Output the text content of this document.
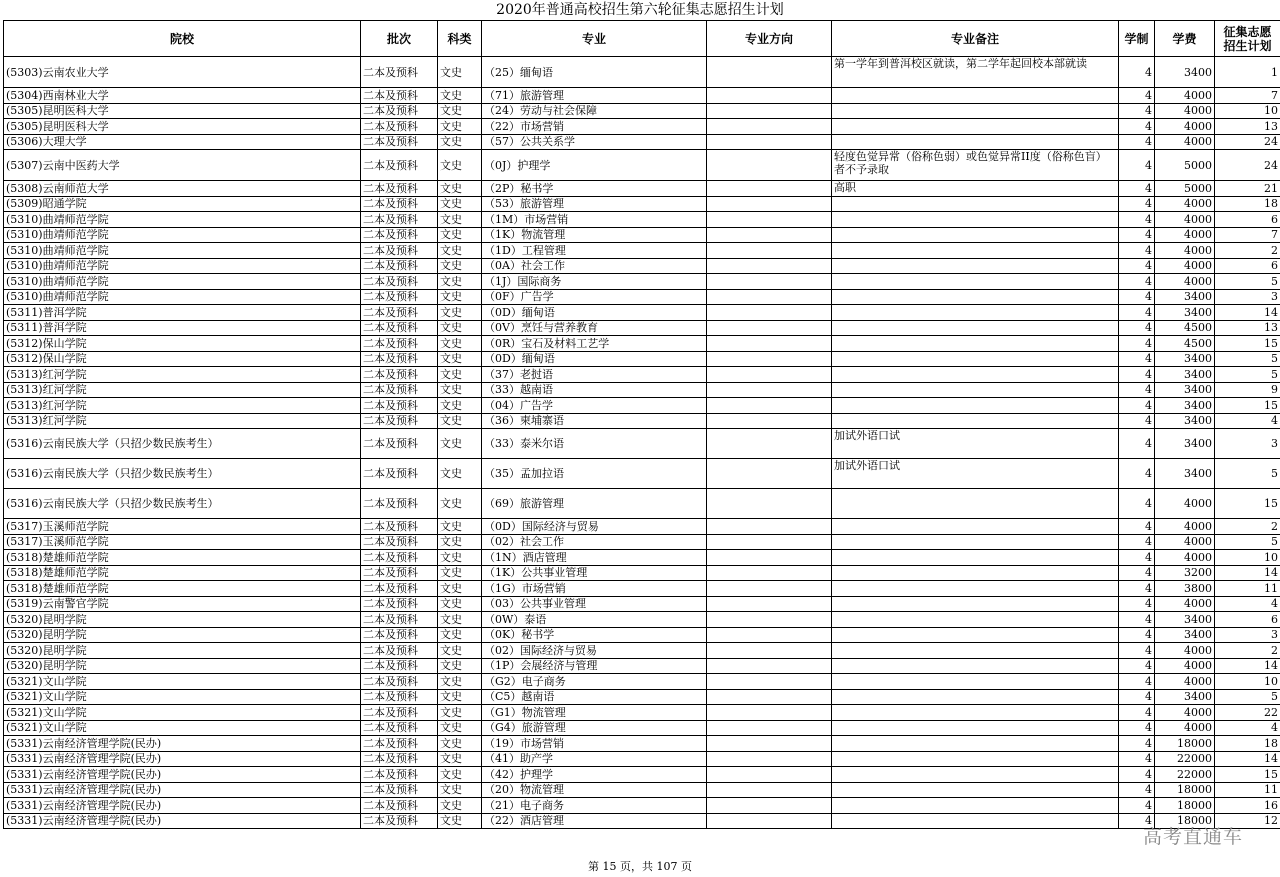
2020年普通高校招生第六轮征集志愿招生计划
院校	批次	科类	专业	专业方向	专业备注	学制	学费	征集志愿
招生计划
(5303)云南农业大学	二本及预科	文史	（25）缅甸语		第一学年到普洱校区就读，第二学年起回校本部就读	4	3400	1
(5304)西南林业大学	二本及预科	文史	（71）旅游管理			4	4000	7
(5305)昆明医科大学	二本及预科	文史	（24）劳动与社会保障			4	4000	10
(5305)昆明医科大学	二本及预科	文史	（22）市场营销			4	4000	13
(5306)大理大学	二本及预科	文史	（57）公共关系学			4	4000	24
(5307)云南中医药大学	二本及预科	文史	（0J）护理学		轻度色觉异常（俗称色弱）或色觉异常II度（俗称色盲）者不予录取	4	5000	24
(5308)云南师范大学	二本及预科	文史	（2P）秘书学		高职	4	5000	21
(5309)昭通学院	二本及预科	文史	（53）旅游管理			4	4000	18
(5310)曲靖师范学院	二本及预科	文史	（1M）市场营销			4	4000	6
(5310)曲靖师范学院	二本及预科	文史	（1K）物流管理			4	4000	7
(5310)曲靖师范学院	二本及预科	文史	（1D）工程管理			4	4000	2
(5310)曲靖师范学院	二本及预科	文史	（0A）社会工作			4	4000	6
(5310)曲靖师范学院	二本及预科	文史	（1J）国际商务			4	4000	5
(5310)曲靖师范学院	二本及预科	文史	（0F）广告学			4	3400	3
(5311)普洱学院	二本及预科	文史	（0D）缅甸语			4	3400	14
(5311)普洱学院	二本及预科	文史	（0V）烹饪与营养教育			4	4500	13
(5312)保山学院	二本及预科	文史	（0R）宝石及材料工艺学			4	4500	15
(5312)保山学院	二本及预科	文史	（0D）缅甸语			4	3400	5
(5313)红河学院	二本及预科	文史	（37）老挝语			4	3400	5
(5313)红河学院	二本及预科	文史	（33）越南语			4	3400	9
(5313)红河学院	二本及预科	文史	（04）广告学			4	3400	15
(5313)红河学院	二本及预科	文史	（36）柬埔寨语			4	3400	4
(5316)云南民族大学（只招少数民族考生）	二本及预科	文史	（33）泰米尔语		加试外语口试	4	3400	3
(5316)云南民族大学（只招少数民族考生）	二本及预科	文史	（35）孟加拉语		加试外语口试	4	3400	5
(5316)云南民族大学（只招少数民族考生）	二本及预科	文史	（69）旅游管理			4	4000	15
(5317)玉溪师范学院	二本及预科	文史	（0D）国际经济与贸易			4	4000	2
(5317)玉溪师范学院	二本及预科	文史	（02）社会工作			4	4000	5
(5318)楚雄师范学院	二本及预科	文史	（1N）酒店管理			4	4000	10
(5318)楚雄师范学院	二本及预科	文史	（1K）公共事业管理			4	3200	14
(5318)楚雄师范学院	二本及预科	文史	（1G）市场营销			4	3800	11
(5319)云南警官学院	二本及预科	文史	（03）公共事业管理			4	4000	4
(5320)昆明学院	二本及预科	文史	（0W）泰语			4	3400	6
(5320)昆明学院	二本及预科	文史	（0K）秘书学			4	3400	3
(5320)昆明学院	二本及预科	文史	（02）国际经济与贸易			4	4000	2
(5320)昆明学院	二本及预科	文史	（1P）会展经济与管理			4	4000	14
(5321)文山学院	二本及预科	文史	（G2）电子商务			4	4000	10
(5321)文山学院	二本及预科	文史	（C5）越南语			4	3400	5
(5321)文山学院	二本及预科	文史	（G1）物流管理			4	4000	22
(5321)文山学院	二本及预科	文史	（G4）旅游管理			4	4000	4
(5331)云南经济管理学院(民办)	二本及预科	文史	（19）市场营销			4	18000	18
(5331)云南经济管理学院(民办)	二本及预科	文史	（41）助产学			4	22000	14
(5331)云南经济管理学院(民办)	二本及预科	文史	（42）护理学			4	22000	15
(5331)云南经济管理学院(民办)	二本及预科	文史	（20）物流管理			4	18000	11
(5331)云南经济管理学院(民办)	二本及预科	文史	（21）电子商务			4	18000	16
(5331)云南经济管理学院(民办)	二本及预科	文史	（22）酒店管理			4	18000	12
第 15 页，共 107 页
高考直通车
